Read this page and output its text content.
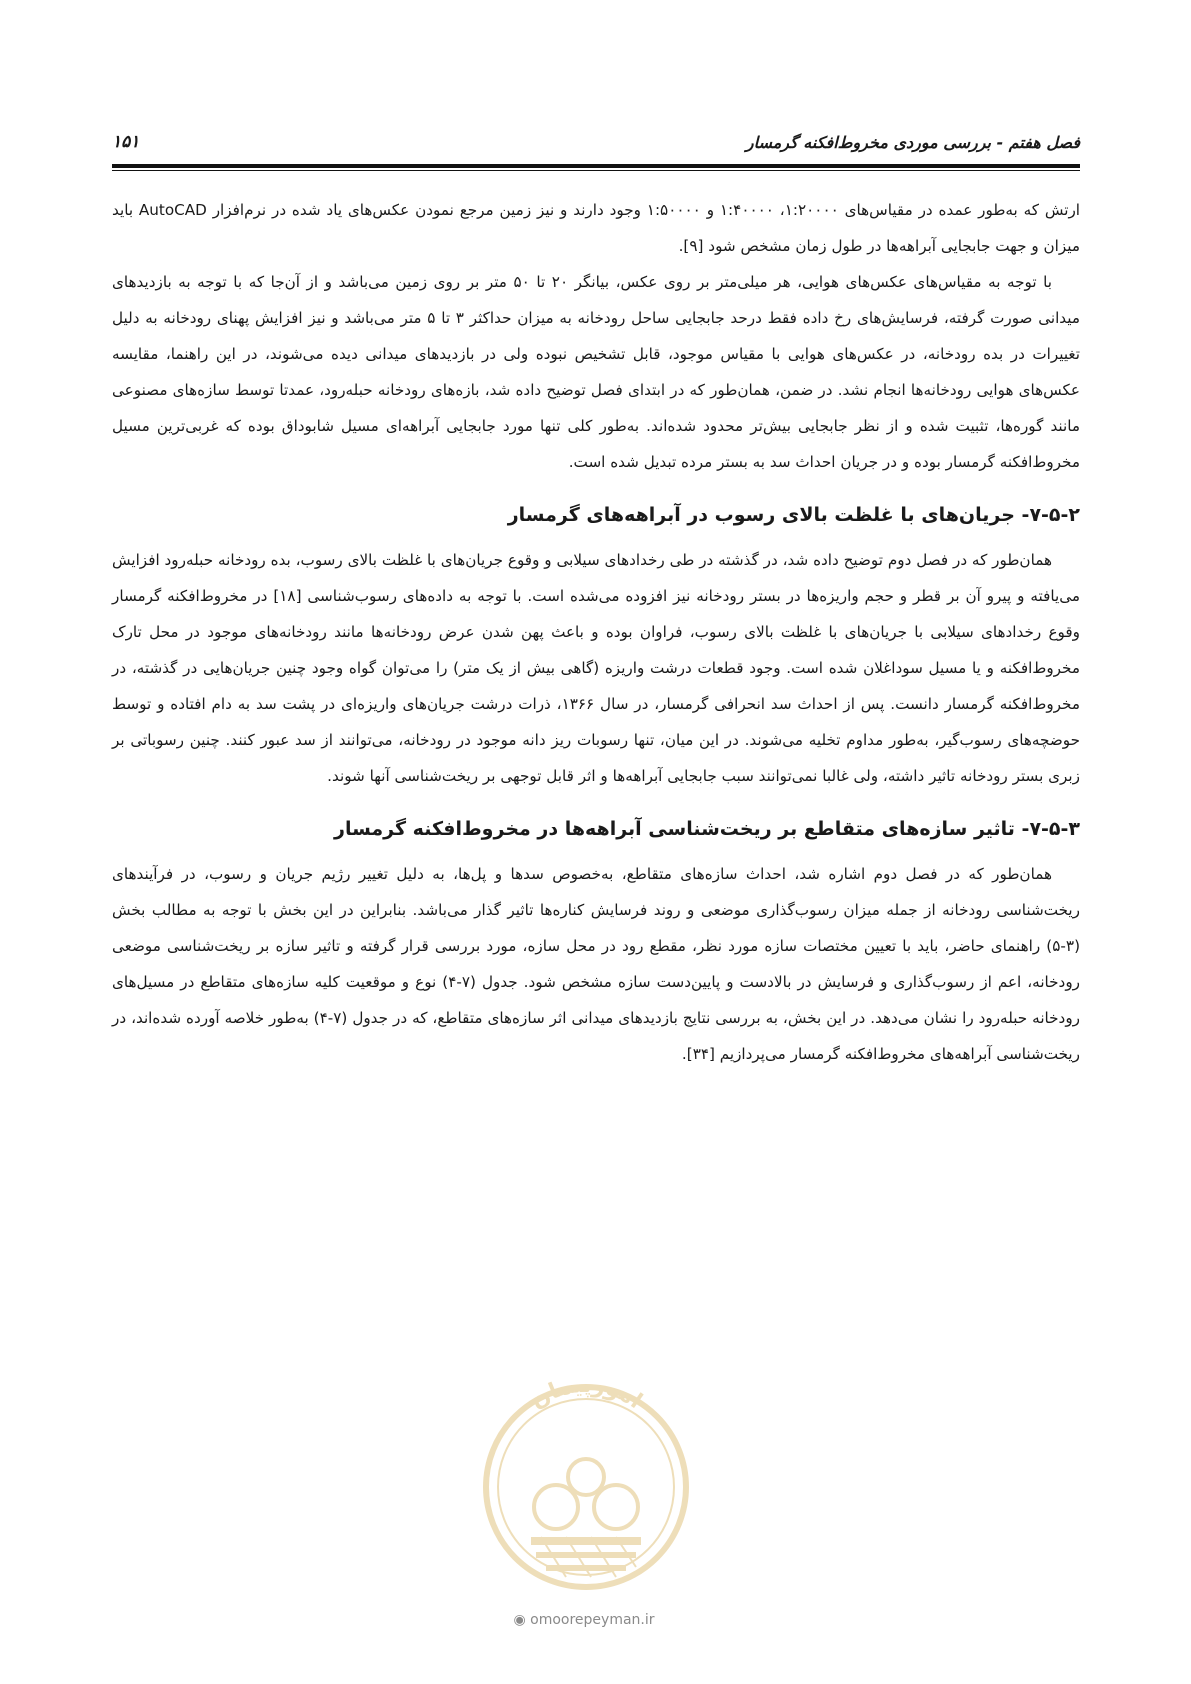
فصل هفتم - بررسی موردی مخروط‌افکنه گرمسار
۱۵۱

ارتش که به‌طور عمده در مقیاس‌های ۱:۲۰۰۰۰، ۱:۴۰۰۰۰ و ۱:۵۰۰۰۰ وجود دارند و نیز زمین مرجع نمودن عکس‌های یاد شده در نرم‌افزار AutoCAD باید میزان و جهت جابجایی آبراهه‌ها در طول زمان مشخص شود [۹].

با توجه به مقیاس‌های عکس‌های هوایی، هر میلی‌متر بر روی عکس، بیانگر ۲۰ تا ۵۰ متر بر روی زمین می‌باشد و از آن‌جا که با توجه به بازدیدهای میدانی صورت گرفته، فرسایش‌های رخ داده فقط درحد جابجایی ساحل رودخانه به میزان حداکثر ۳ تا ۵ متر می‌باشد و نیز افزایش پهنای رودخانه به دلیل تغییرات در بده رودخانه، در عکس‌های هوایی با مقیاس موجود، قابل تشخیص نبوده ولی در بازدیدهای میدانی دیده می‌شوند، در این راهنما، مقایسه عکس‌های هوایی رودخانه‌ها انجام نشد. در ضمن، همان‌طور که در ابتدای فصل توضیح داده شد، بازه‌های رودخانه حبله‌رود، عمدتا توسط سازه‌های مصنوعی مانند گوره‌ها، تثبیت شده و از نظر جابجایی بیش‌تر محدود شده‌اند. به‌طور کلی تنها مورد جابجایی آبراهه‌ای مسیل شابوداق بوده که غربی‌ترین مسیل مخروط‌افکنه گرمسار بوده و در جریان احداث سد به بستر مرده تبدیل شده است.

۷-۵-۲- جریان‌های با غلظت بالای رسوب در آبراهه‌های گرمسار

همان‌طور که در فصل دوم توضیح داده شد، در گذشته در طی رخدادهای سیلابی و وقوع جریان‌های با غلظت بالای رسوب، بده رودخانه حبله‌رود افزایش می‌یافته و پیرو آن بر قطر و حجم واریزه‌ها در بستر رودخانه نیز افزوده می‌شده است. با توجه به داده‌های رسوب‌شناسی [۱۸] در مخروط‌افکنه گرمسار وقوع رخدادهای سیلابی با جریان‌های با غلظت بالای رسوب، فراوان بوده و باعث پهن شدن عرض رودخانه‌ها مانند رودخانه‌های موجود در محل تارک مخروط‌افکنه و یا مسیل سوداغلان شده است. وجود قطعات درشت واریزه (گاهی بیش از یک متر) را می‌توان گواه وجود چنین جریان‌هایی در گذشته، در مخروط‌افکنه گرمسار دانست. پس از احداث سد انحرافی گرمسار، در سال ۱۳۶۶، ذرات درشت جریان‌های واریزه‌ای در پشت سد به دام افتاده و توسط حوضچه‌های رسوب‌گیر، به‌طور مداوم تخلیه می‌شوند. در این میان، تنها رسوبات ریز دانه موجود در رودخانه، می‌توانند از سد عبور کنند. چنین رسوباتی بر زبری بستر رودخانه تاثیر داشته، ولی غالبا نمی‌توانند سبب جابجایی آبراهه‌ها و اثر قابل توجهی بر ریخت‌شناسی آنها شوند.

۷-۵-۳- تاثیر سازه‌های متقاطع بر ریخت‌شناسی آبراهه‌ها در مخروط‌افکنه گرمسار

همان‌طور که در فصل دوم اشاره شد، احداث سازه‌های متقاطع، به‌خصوص سدها و پل‌ها، به دلیل تغییر رژیم جریان و رسوب، در فرآیندهای ریخت‌شناسی رودخانه از جمله میزان رسوب‌گذاری موضعی و روند فرسایش کناره‌ها تاثیر گذار می‌باشد. بنابراین در این بخش با توجه به مطالب بخش (۳-۵) راهنمای حاضر، باید با تعیین مختصات سازه مورد نظر، مقطع رود در محل سازه، مورد بررسی قرار گرفته و تاثیر سازه بر ریخت‌شناسی موضعی رودخانه، اعم از رسوب‌گذاری و فرسایش در بالادست و پایین‌دست سازه مشخص شود. جدول (۷-۴) نوع و موقعیت کلیه سازه‌های متقاطع در مسیل‌های رودخانه حبله‌رود را نشان می‌دهد. در این بخش، به بررسی نتایج بازدیدهای میدانی اثر سازه‌های متقاطع، که در جدول (۷-۴) به‌طور خلاصه آورده شده‌اند، در ریخت‌شناسی آبراهه‌های مخروط‌افکنه گرمسار می‌پردازیم [۳۴].

امورپیمان
◉ omoorepeyman.ir
